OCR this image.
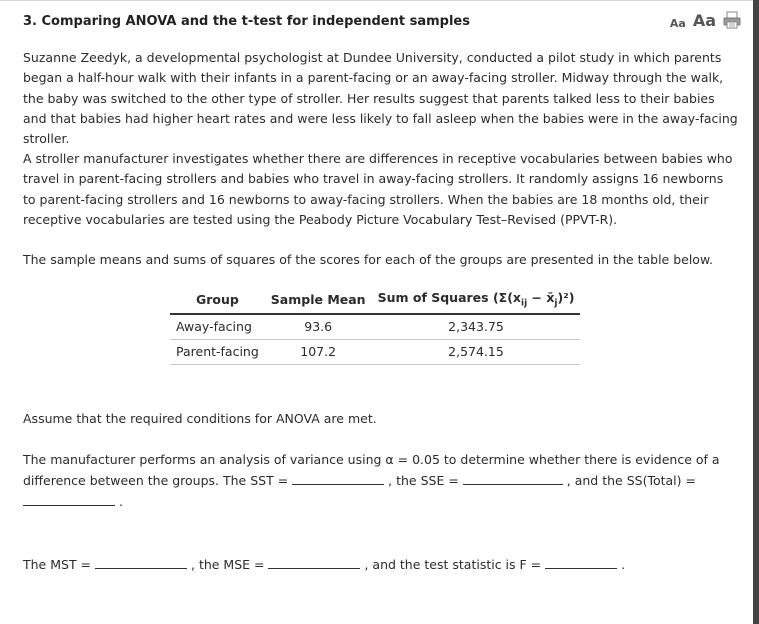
3. Comparing ANOVA and the t-test for independent samples	Aa Aa

Suzanne Zeedyk, a developmental psychologist at Dundee University, conducted a pilot study in which parents began a half-hour walk with their infants in a parent-facing or an away-facing stroller. Midway through the walk, the baby was switched to the other type of stroller. Her results suggest that parents talked less to their babies and that babies had higher heart rates and were less likely to fall asleep when the babies were in the away-facing stroller.

A stroller manufacturer investigates whether there are differences in receptive vocabularies between babies who travel in parent-facing strollers and babies who travel in away-facing strollers. It randomly assigns 16 newborns to parent-facing strollers and 16 newborns to away-facing strollers. When the babies are 18 months old, their receptive vocabularies are tested using the Peabody Picture Vocabulary Test–Revised (PPVT-R).

The sample means and sums of squares of the scores for each of the groups are presented in the table below.

Group	Sample Mean	Sum of Squares ($\Sigma(x_{ij}$ − $x̄_j)^2$)
Away-facing	93.6	2,343.75
Parent-facing	107.2	2,574.15

Assume that the required conditions for ANOVA are met.

The manufacturer performs an analysis of variance using α = 0.05 to determine whether there is evidence of a
difference between the groups. The SST =	, the SSE =	, and the SS(Total) =
.
The MST =	, the MSE =	, and the test statistic is F =	.
